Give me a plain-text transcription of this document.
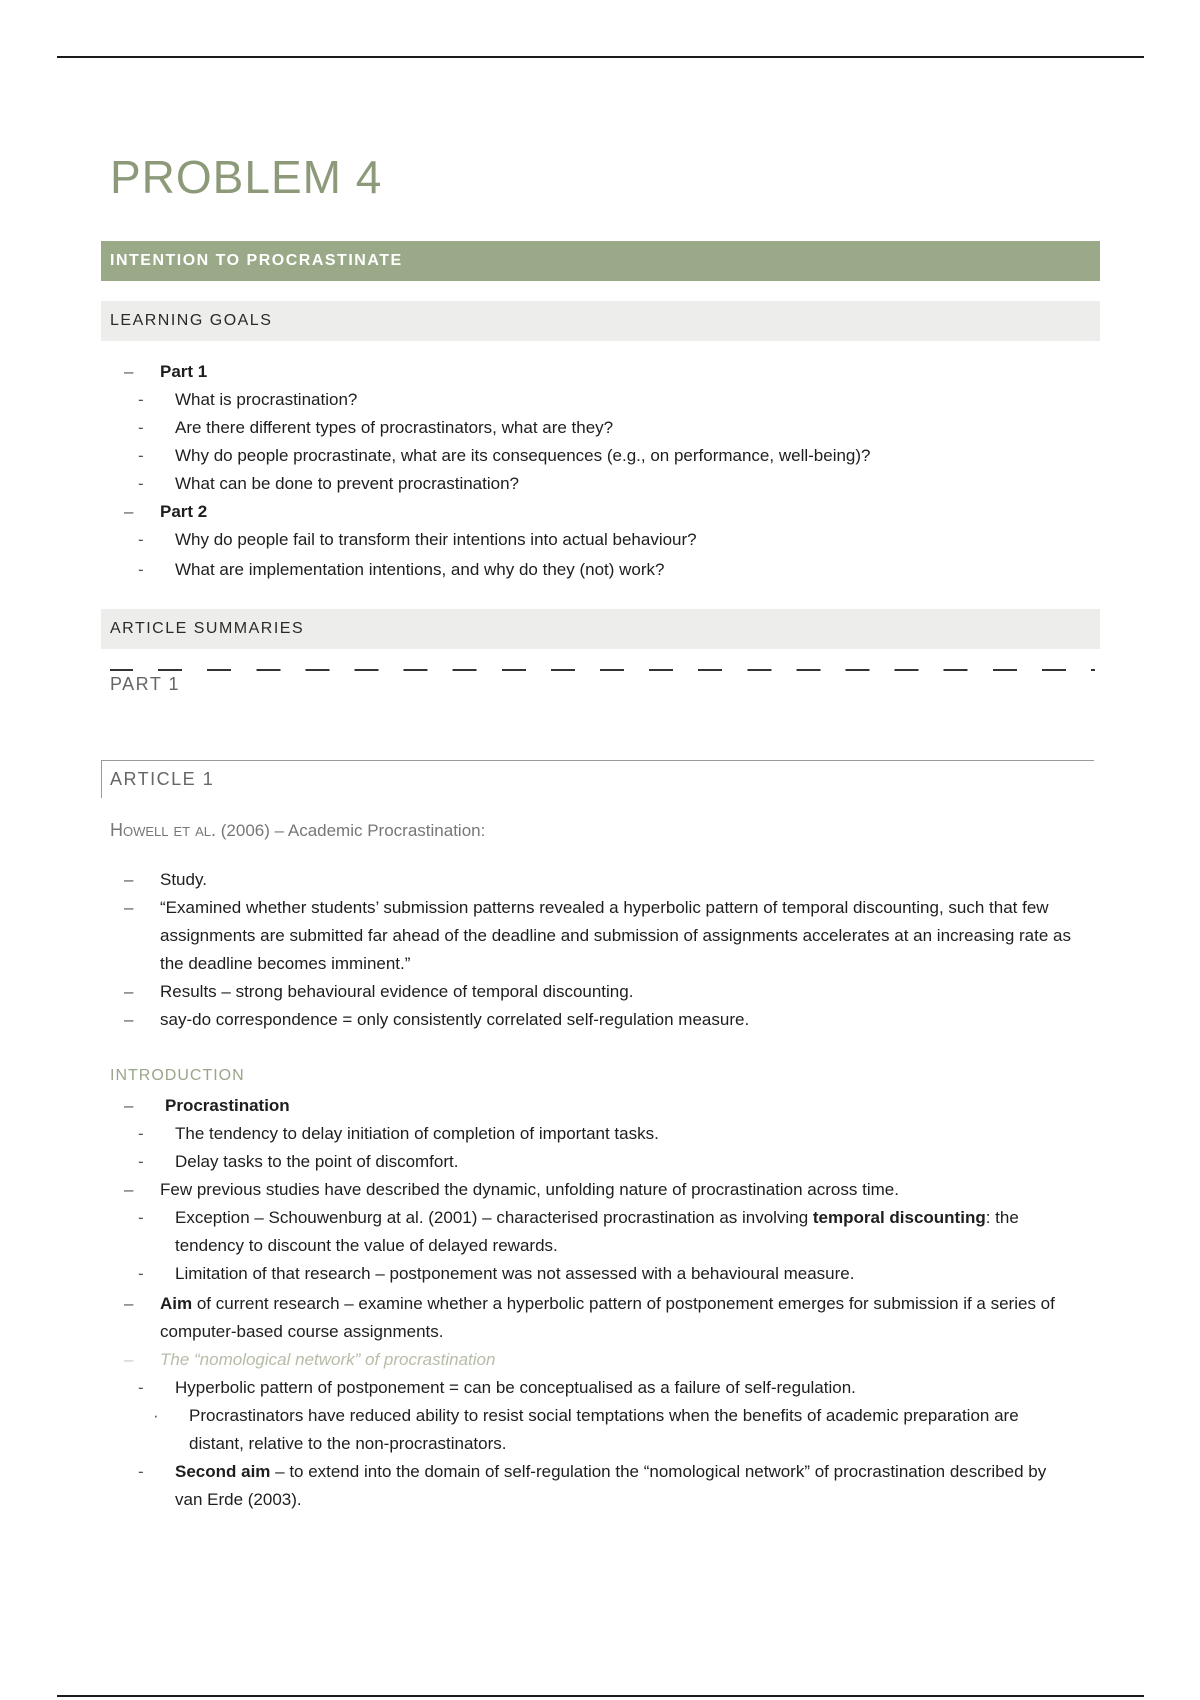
PROBLEM 4
INTENTION TO PROCRASTINATE
LEARNING GOALS
– Part 1
- What is procrastination?
- Are there different types of procrastinators, what are they?
- Why do people procrastinate, what are its consequences (e.g., on performance, well-being)?
- What can be done to prevent procrastination?
– Part 2
- Why do people fail to transform their intentions into actual behaviour?
- What are implementation intentions, and why do they (not) work?
ARTICLE SUMMARIES
PART 1
ARTICLE 1
Howell et al. (2006) – Academic Procrastination:
– Study.
– “Examined whether students’ submission patterns revealed a hyperbolic pattern of temporal discounting, such that few assignments are submitted far ahead of the deadline and submission of assignments accelerates at an increasing rate as the deadline becomes imminent.”
– Results – strong behavioural evidence of temporal discounting.
– say-do correspondence = only consistently correlated self-regulation measure.
INTRODUCTION
– Procrastination
- The tendency to delay initiation of completion of important tasks.
- Delay tasks to the point of discomfort.
– Few previous studies have described the dynamic, unfolding nature of procrastination across time.
- Exception – Schouwenburg at al. (2001) – characterised procrastination as involving temporal discounting: the tendency to discount the value of delayed rewards.
- Limitation of that research – postponement was not assessed with a behavioural measure.
– Aim of current research – examine whether a hyperbolic pattern of postponement emerges for submission if a series of computer-based course assignments.
– The “nomological network” of procrastination
- Hyperbolic pattern of postponement = can be conceptualised as a failure of self-regulation.
· Procrastinators have reduced ability to resist social temptations when the benefits of academic preparation are distant, relative to the non-procrastinators.
- Second aim – to extend into the domain of self-regulation the “nomological network” of procrastination described by van Erde (2003).
